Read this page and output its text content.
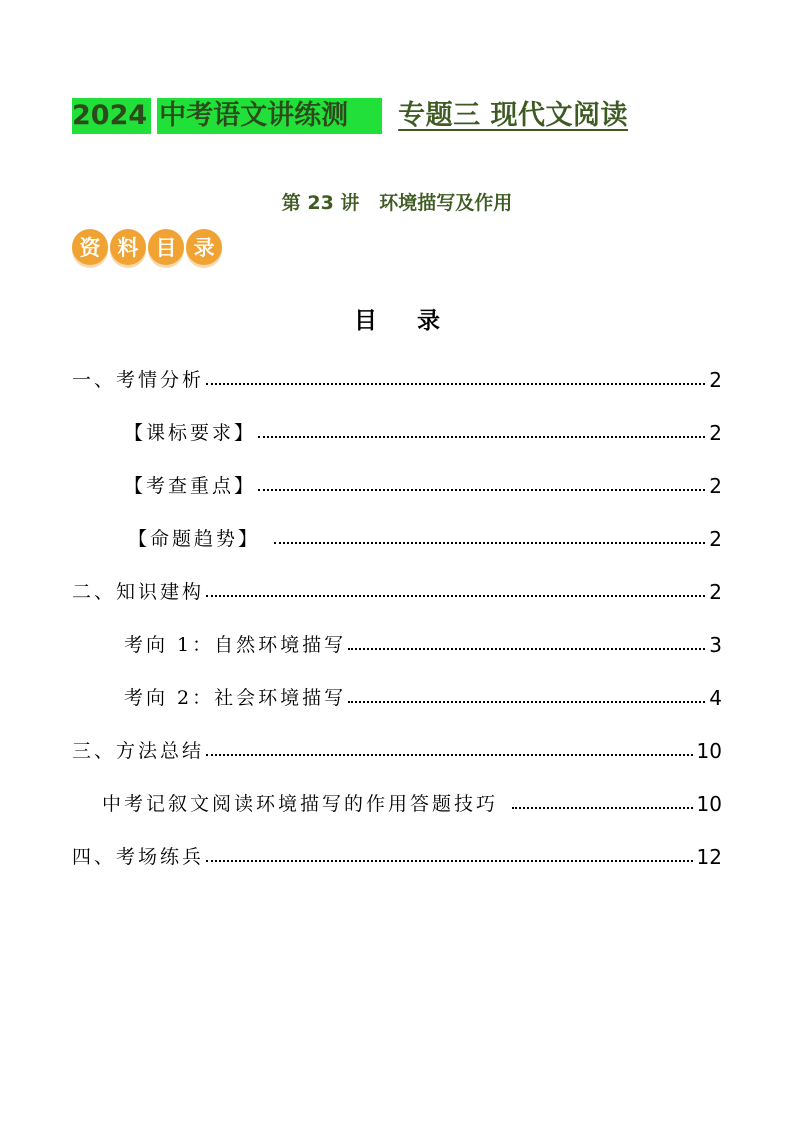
2024 中考语文讲练测	专题三 现代文阅读
第 23 讲   环境描写及作用
资 料 目 录
目录
一、考情分析	2
【课标要求】	2
【考查重点】	2
【命题趋势】	2
二、知识建构	2
考向 1：自然环境描写	3
考向 2：社会环境描写	4
三、方法总结	10
中考记叙文阅读环境描写的作用答题技巧	10
四、考场练兵	12
